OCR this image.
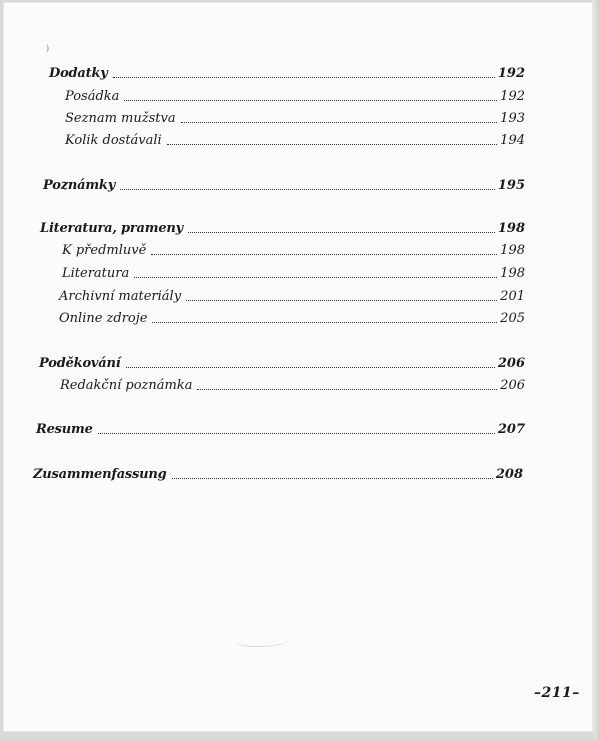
)
Dodatky	192
Posádka	192
Seznam mužstva	193
Kolik dostávali	194
Poznámky	195
Literatura, prameny	198
K předmluvě	198
Literatura	198
Archivní materiály	201
Online zdroje	205
Poděkování	206
Redakční poznámka	206
Resume	207
Zusammenfassung	208
–211–
